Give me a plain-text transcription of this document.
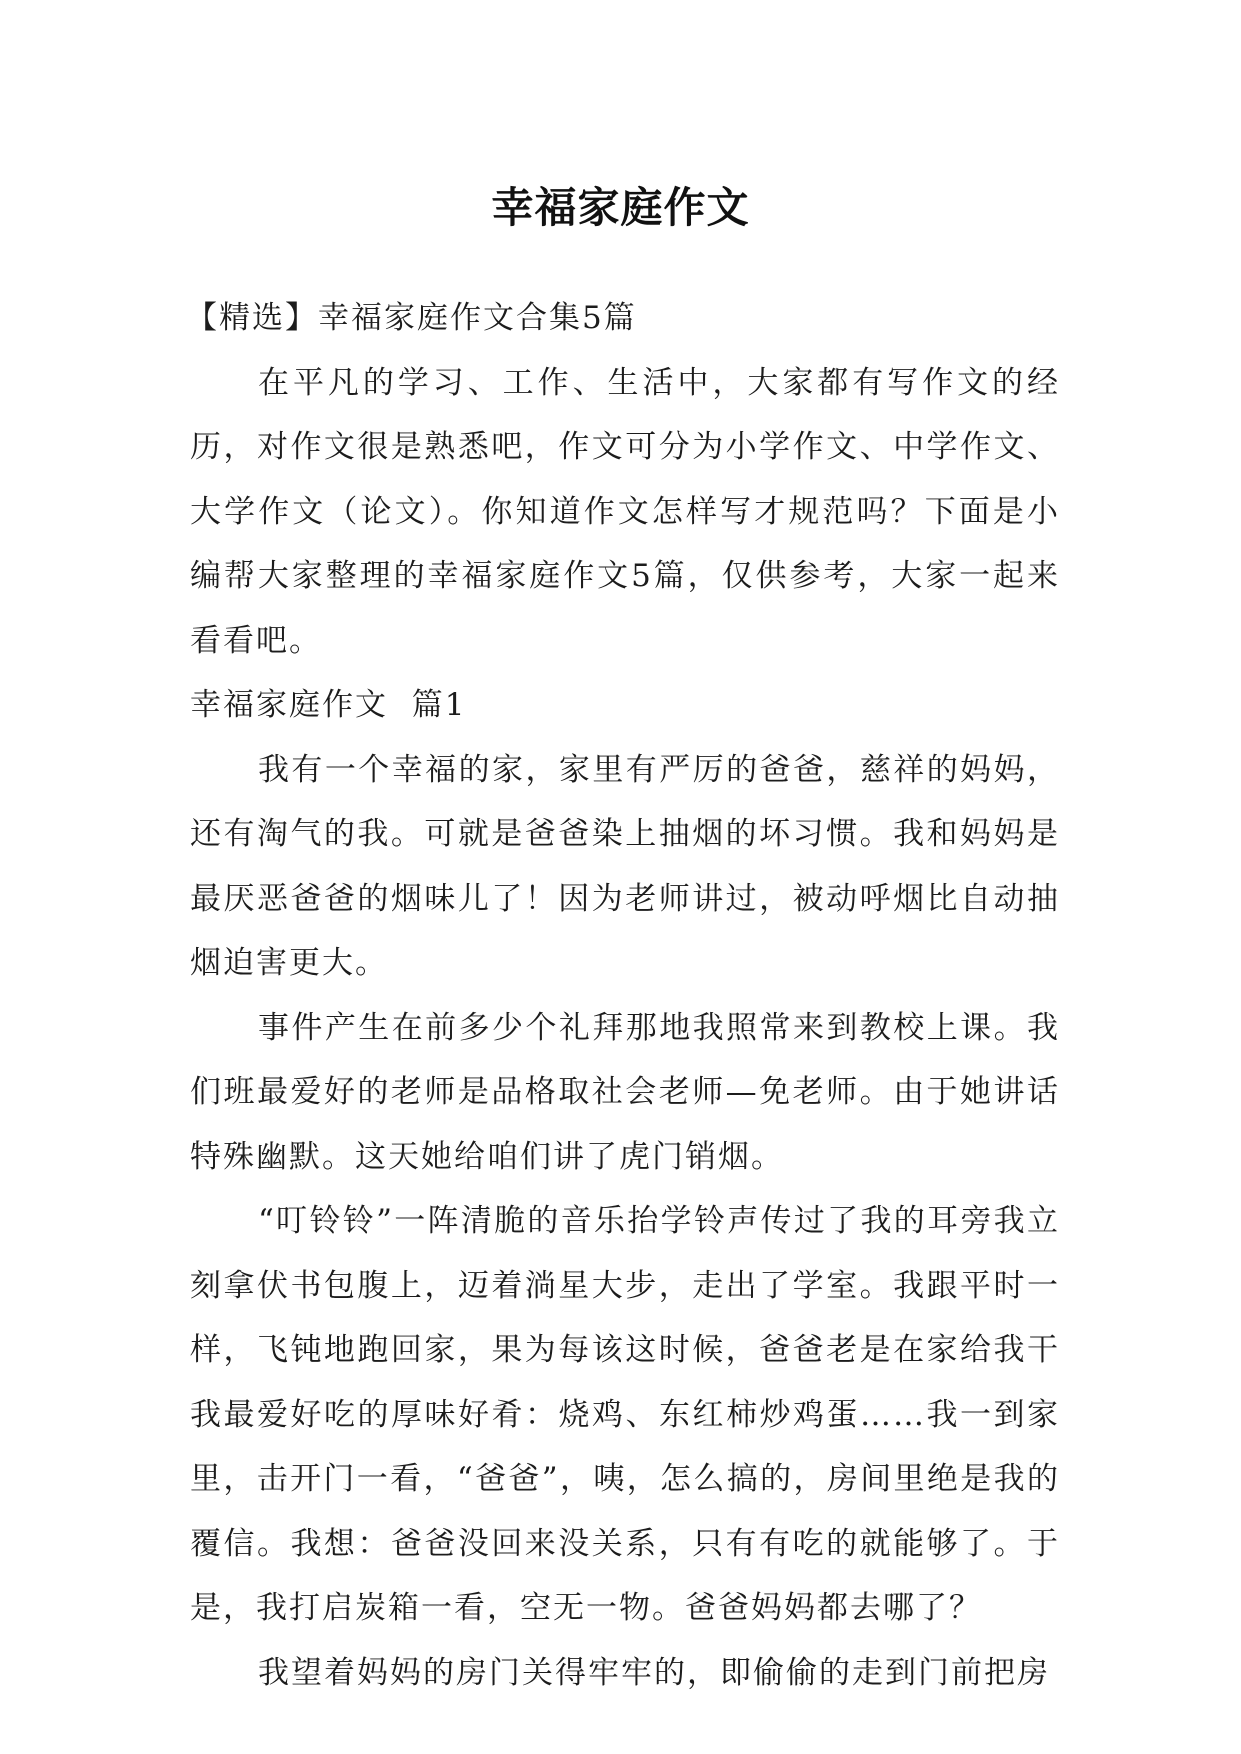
幸福家庭作文

【精选】幸福家庭作文合集5篇

在平凡的学习、工作、生活中，大家都有写作文的经历，对作文很是熟悉吧，作文可分为小学作文、中学作文、大学作文（论文）。你知道作文怎样写才规范吗？下面是小编帮大家整理的幸福家庭作文5篇，仅供参考，大家一起来看看吧。

幸福家庭作文  篇1

我有一个幸福的家，家里有严厉的爸爸，慈祥的妈妈，还有淘气的我。可就是爸爸染上抽烟的坏习惯。我和妈妈是最厌恶爸爸的烟味儿了！因为老师讲过，被动呼烟比自动抽烟迫害更大。

事件产生在前多少个礼拜那地我照常来到教校上课。我们班最爱好的老师是品格取社会老师—免老师。由于她讲话特殊幽默。这天她给咱们讲了虎门销烟。

“叮铃铃”一阵清脆的音乐抬学铃声传过了我的耳旁我立刻拿伏书包腹上，迈着淌星大步，走出了学室。我跟平时一样，飞钝地跑回家，果为每该这时候，爸爸老是在家给我干我最爱好吃的厚味好肴：烧鸡、东红柿炒鸡蛋……我一到家里，击开门一看，“爸爸”，咦，怎么搞的，房间里绝是我的覆信。我想：爸爸没回来没关系，只有有吃的就能够了。于是，我打启炭箱一看，空无一物。爸爸妈妈都去哪了？

我望着妈妈的房门关得牢牢的，即偷偷的走到门前把房
